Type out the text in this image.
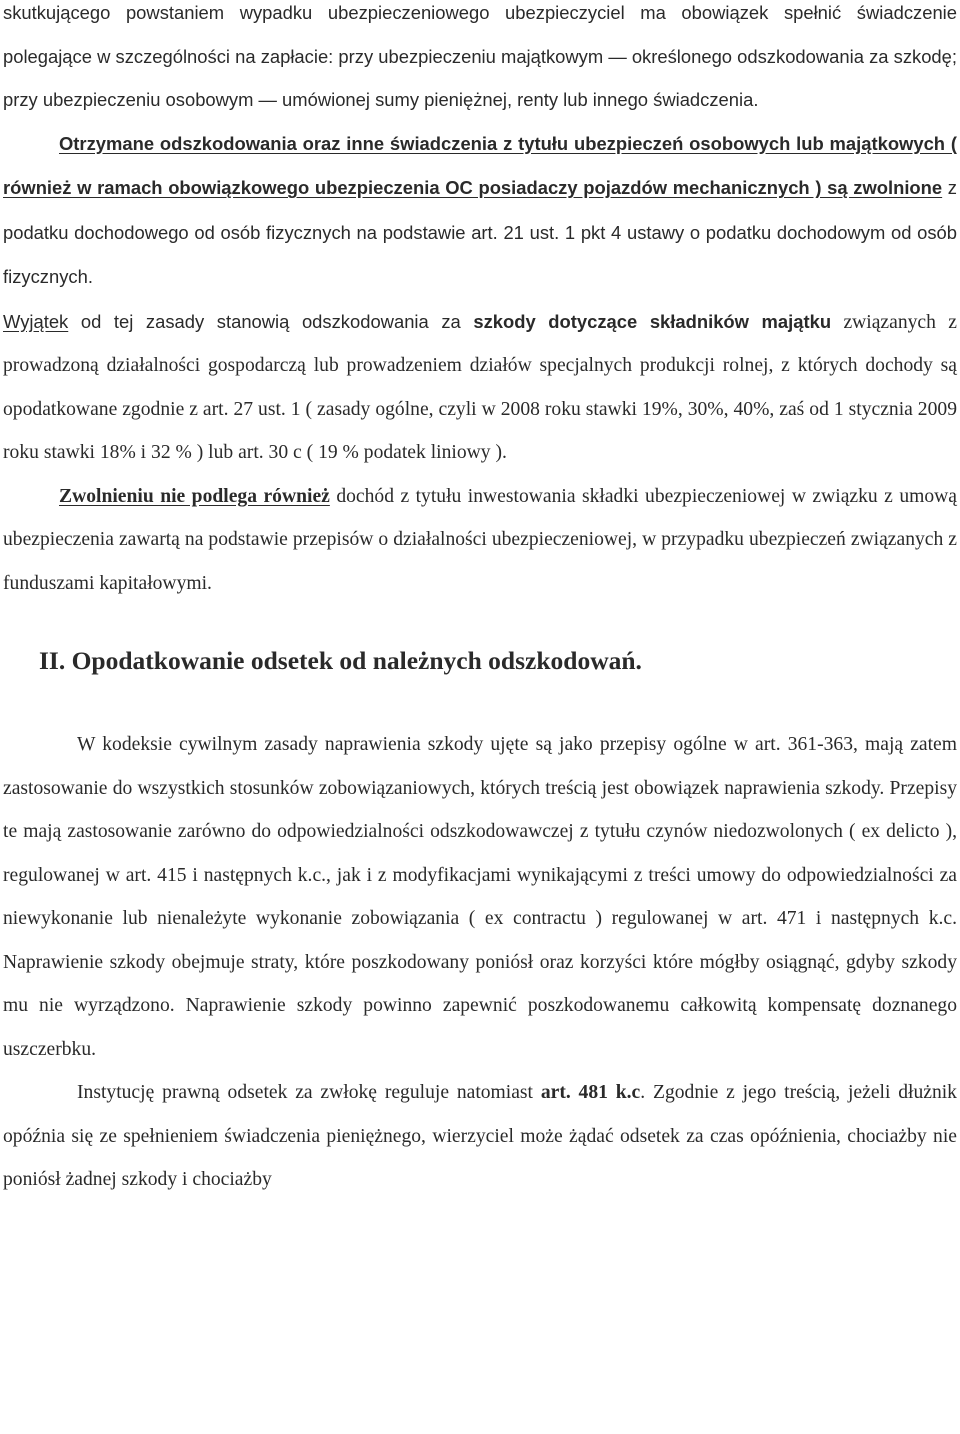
skutkującego powstaniem wypadku ubezpieczeniowego ubezpieczyciel ma obowiązek spełnić świadczenie polegające w szczególności na zapłacie: przy ubezpieczeniu majątkowym — określonego odszkodowania za szkodę; przy ubezpieczeniu osobowym — umówionej sumy pieniężnej, renty lub innego świadczenia.

Otrzymane odszkodowania oraz inne świadczenia z tytułu ubezpieczeń osobowych lub majątkowych ( również w ramach obowiązkowego ubezpieczenia OC posiadaczy pojazdów mechanicznych ) są zwolnione z podatku dochodowego od osób fizycznych na podstawie art. 21 ust. 1 pkt 4 ustawy o podatku dochodowym od osób fizycznych.

Wyjątek od tej zasady stanowią odszkodowania za szkody dotyczące składników majątku związanych z prowadzoną działalności gospodarczą lub prowadzeniem działów specjalnych produkcji rolnej, z których dochody są opodatkowane zgodnie z art. 27 ust. 1 ( zasady ogólne, czyli w 2008 roku stawki 19%, 30%, 40%, zaś od 1 stycznia 2009 roku stawki 18% i 32 % ) lub art. 30 c ( 19 % podatek liniowy ).

Zwolnieniu nie podlega również dochód z tytułu inwestowania składki ubezpieczeniowej w związku z umową ubezpieczenia zawartą na podstawie przepisów o działalności ubezpieczeniowej, w przypadku ubezpieczeń związanych z funduszami kapitałowymi.

II. Opodatkowanie odsetek od należnych odszkodowań.

W kodeksie cywilnym zasady naprawienia szkody ujęte są jako przepisy ogólne w art. 361-363, mają zatem zastosowanie do wszystkich stosunków zobowiązaniowych, których treścią jest obowiązek naprawienia szkody. Przepisy te mają zastosowanie zarówno do odpowiedzialności odszkodowawczej z tytułu czynów niedozwolonych ( ex delicto ), regulowanej w art. 415 i następnych k.c., jak i z modyfikacjami wynikającymi z treści umowy do odpowiedzialności za niewykonanie lub nienależyte wykonanie zobowiązania ( ex contractu ) regulowanej w art. 471 i następnych k.c. Naprawienie szkody obejmuje straty, które poszkodowany poniósł oraz korzyści które mógłby osiągnąć, gdyby szkody mu nie wyrządzono. Naprawienie szkody powinno zapewnić poszkodowanemu całkowitą kompensatę doznanego uszczerbku.

Instytucję prawną odsetek za zwłokę reguluje natomiast art. 481 k.c. Zgodnie z jego treścią, jeżeli dłużnik opóźnia się ze spełnieniem świadczenia pieniężnego, wierzyciel może żądać odsetek za czas opóźnienia, chociażby nie poniósł żadnej szkody i chociażby
